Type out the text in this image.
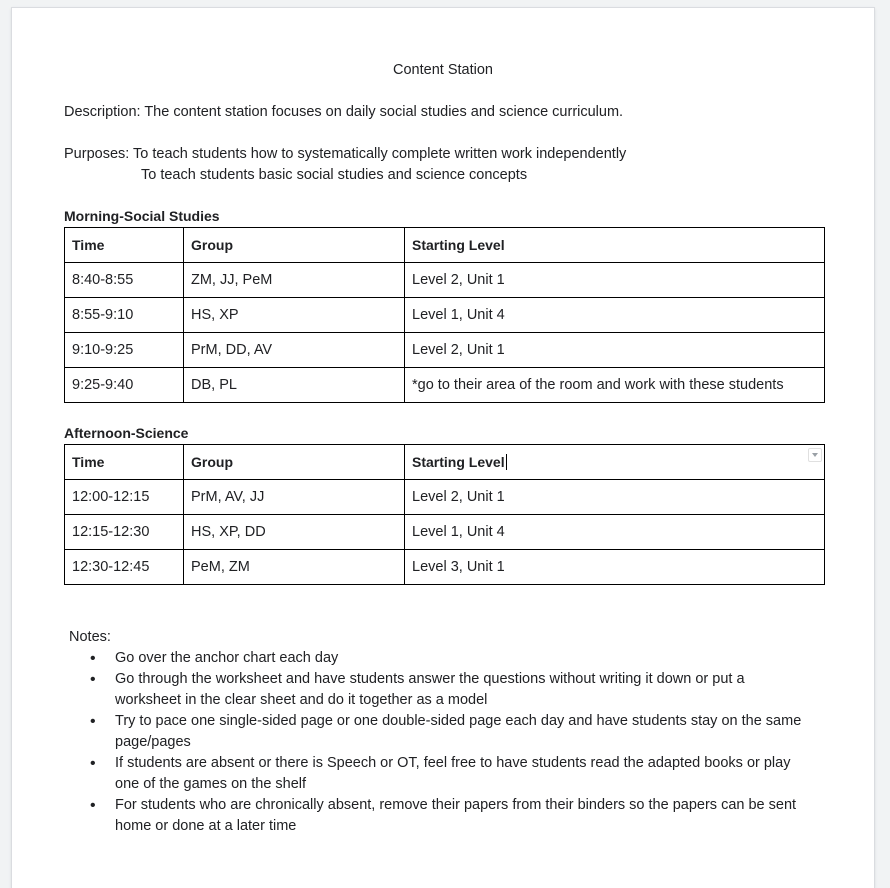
Content Station
Description: The content station focuses on daily social studies and science curriculum.
Purposes: To teach students how to systematically complete written work independently
To teach students basic social studies and science concepts
Morning-Social Studies
Time	Group	Starting Level
8:40-8:55	ZM, JJ, PeM	Level 2, Unit 1
8:55-9:10	HS, XP	Level 1, Unit 4
9:10-9:25	PrM, DD, AV	Level 2, Unit 1
9:25-9:40	DB, PL	*go to their area of the room and work with these students
Afternoon-Science
Time	Group	Starting Level

12:00-12:15	PrM, AV, JJ	Level 2, Unit 1
12:15-12:30	HS, XP, DD	Level 1, Unit 4
12:30-12:45	PeM, ZM	Level 3, Unit 1
Notes:
• Go over the anchor chart each day
• Go through the worksheet and have students answer the questions without writing it down or put a worksheet in the clear sheet and do it together as a model
• Try to pace one single-sided page or one double-sided page each day and have students stay on the same page/pages
• If students are absent or there is Speech or OT, feel free to have students read the adapted books or play one of the games on the shelf
• For students who are chronically absent, remove their papers from their binders so the papers can be sent home or done at a later time
